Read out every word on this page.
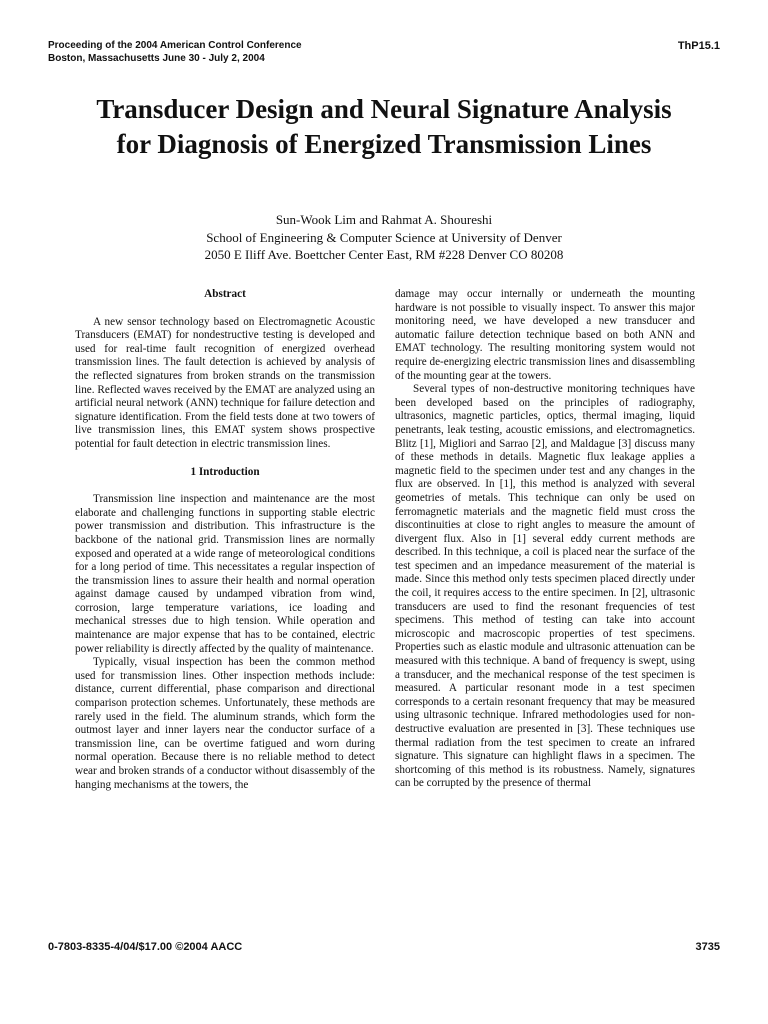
Proceeding of the 2004 American Control Conference
Boston, Massachusetts June 30 - July 2, 2004
ThP15.1
Transducer Design and Neural Signature Analysis for Diagnosis of Energized Transmission Lines
Sun-Wook Lim and Rahmat A. Shoureshi
School of Engineering & Computer Science at University of Denver
2050 E Iliff Ave. Boettcher Center East, RM #228 Denver CO 80208
Abstract

A new sensor technology based on Electromagnetic Acoustic Transducers (EMAT) for nondestructive testing is developed and used for real-time fault recognition of energized overhead transmission lines. The fault detection is achieved by analysis of the reflected signatures from broken strands on the transmission line. Reflected waves received by the EMAT are analyzed using an artificial neural network (ANN) technique for failure detection and signature identification. From the field tests done at two towers of live transmission lines, this EMAT system shows prospective potential for fault detection in electric transmission lines.

1 Introduction

Transmission line inspection and maintenance are the most elaborate and challenging functions in supporting stable electric power transmission and distribution. This infrastructure is the backbone of the national grid. Transmission lines are normally exposed and operated at a wide range of meteorological conditions for a long period of time. This necessitates a regular inspection of the transmission lines to assure their health and normal operation against damage caused by undamped vibration from wind, corrosion, large temperature variations, ice loading and mechanical stresses due to high tension. While operation and maintenance are major expense that has to be contained, electric power reliability is directly affected by the quality of maintenance.

Typically, visual inspection has been the common method used for transmission lines. Other inspection methods include: distance, current differential, phase comparison and directional comparison protection schemes. Unfortunately, these methods are rarely used in the field. The aluminum strands, which form the outmost layer and inner layers near the conductor surface of a transmission line, can be overtime fatigued and worn during normal operation. Because there is no reliable method to detect wear and broken strands of a conductor without disassembly of the hanging mechanisms at the towers, the

damage may occur internally or underneath the mounting hardware is not possible to visually inspect. To answer this major monitoring need, we have developed a new transducer and automatic failure detection technique based on both ANN and EMAT technology. The resulting monitoring system would not require de-energizing electric transmission lines and disassembling of the mounting gear at the towers.

Several types of non-destructive monitoring techniques have been developed based on the principles of radiography, ultrasonics, magnetic particles, optics, thermal imaging, liquid penetrants, leak testing, acoustic emissions, and electromagnetics. Blitz [1], Migliori and Sarrao [2], and Maldague [3] discuss many of these methods in details. Magnetic flux leakage applies a magnetic field to the specimen under test and any changes in the flux are observed. In [1], this method is analyzed with several geometries of metals. This technique can only be used on ferromagnetic materials and the magnetic field must cross the discontinuities at close to right angles to measure the amount of divergent flux. Also in [1] several eddy current methods are described. In this technique, a coil is placed near the surface of the test specimen and an impedance measurement of the material is made. Since this method only tests specimen placed directly under the coil, it requires access to the entire specimen. In [2], ultrasonic transducers are used to find the resonant frequencies of test specimens. This method of testing can take into account microscopic and macroscopic properties of test specimens. Properties such as elastic module and ultrasonic attenuation can be measured with this technique. A band of frequency is swept, using a transducer, and the mechanical response of the test specimen is measured. A particular resonant mode in a test specimen corresponds to a certain resonant frequency that may be measured using ultrasonic technique. Infrared methodologies used for non-destructive evaluation are presented in [3]. These techniques use thermal radiation from the test specimen to create an infrared signature. This signature can highlight flaws in a specimen. The shortcoming of this method is its robustness. Namely, signatures can be corrupted by the presence of thermal

0-7803-8335-4/04/$17.00 ©2004 AACC	3735
